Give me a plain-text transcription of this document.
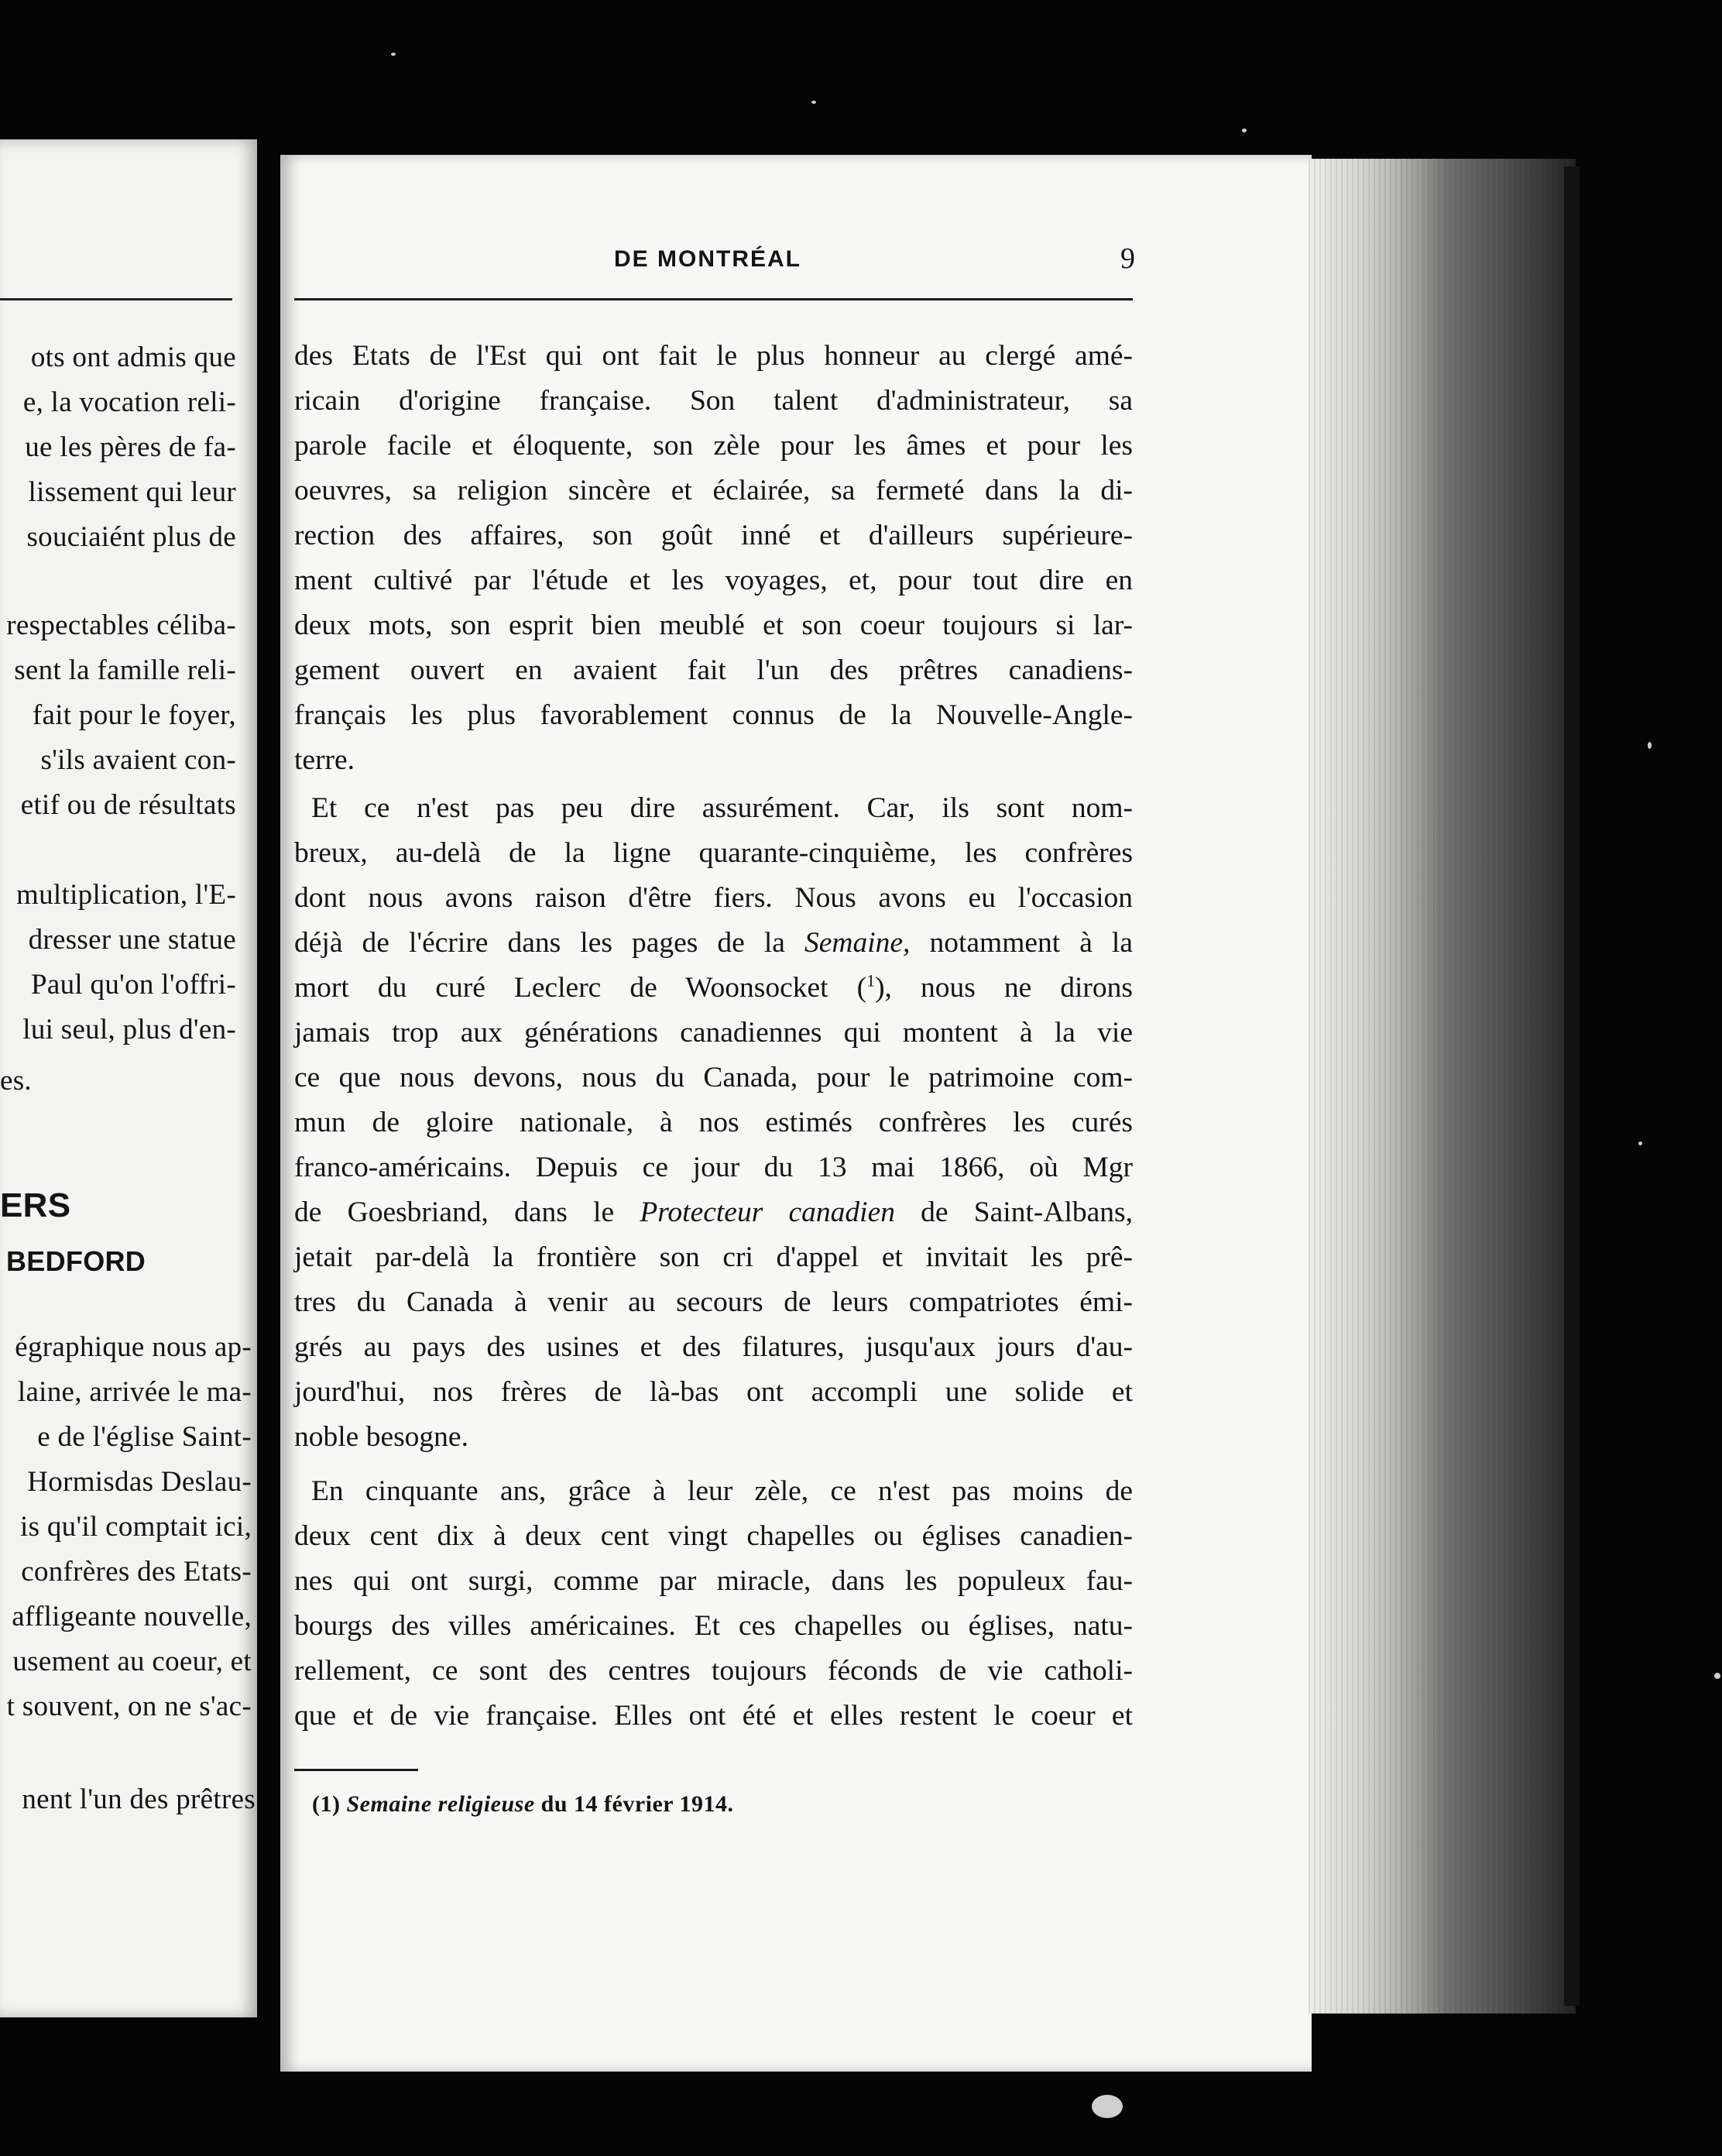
ots ont admis que
e, la vocation reli-
ue les pères de fa-
lissement qui leur
souciaiént plus de
respectables céliba-
sent la famille reli-
fait pour le foyer,
s'ils avaient con-
etif ou de résultats
multiplication, l'E-
dresser une statue
Paul qu'on l'offri-
lui seul, plus d'en-
es.
ERS
BEDFORD
égraphique nous ap-
laine, arrivée le ma-
e de l'église Saint-
Hormisdas Deslau-
is qu'il comptait ici,
confrères des Etats-
affligeante nouvelle,
usement au coeur, et
t souvent, on ne s'ac-
nent l'un des prêtres
DE MONTRÉAL	9
des Etats de l'Est qui ont fait le plus honneur au clergé amé-
ricain d'origine française. Son talent d'administrateur, sa
parole facile et éloquente, son zèle pour les âmes et pour les
oeuvres, sa religion sincère et éclairée, sa fermeté dans la di-
rection des affaires, son goût inné et d'ailleurs supérieure-
ment cultivé par l'étude et les voyages, et, pour tout dire en
deux mots, son esprit bien meublé et son coeur toujours si lar-
gement ouvert en avaient fait l'un des prêtres canadiens-
français les plus favorablement connus de la Nouvelle-Angle-
terre.
Et ce n'est pas peu dire assurément. Car, ils sont nom-
breux, au-delà de la ligne quarante-cinquième, les confrères
dont nous avons raison d'être fiers. Nous avons eu l'occasion
déjà de l'écrire dans les pages de la Semaine, notamment à la
mort du curé Leclerc de Woonsocket ($^1$), nous ne dirons
jamais trop aux générations canadiennes qui montent à la vie
ce que nous devons, nous du Canada, pour le patrimoine com-
mun de gloire nationale, à nos estimés confrères les curés
franco-américains. Depuis ce jour du 13 mai 1866, où Mgr
de Goesbriand, dans le Protecteur canadien de Saint-Albans,
jetait par-delà la frontière son cri d'appel et invitait les prê-
tres du Canada à venir au secours de leurs compatriotes émi-
grés au pays des usines et des filatures, jusqu'aux jours d'au-
jourd'hui, nos frères de là-bas ont accompli une solide et
noble besogne.
En cinquante ans, grâce à leur zèle, ce n'est pas moins de
deux cent dix à deux cent vingt chapelles ou églises canadien-
nes qui ont surgi, comme par miracle, dans les populeux fau-
bourgs des villes américaines. Et ces chapelles ou églises, natu-
rellement, ce sont des centres toujours féconds de vie catholi-
que et de vie française. Elles ont été et elles restent le coeur et
(1) Semaine religieuse du 14 février 1914.
